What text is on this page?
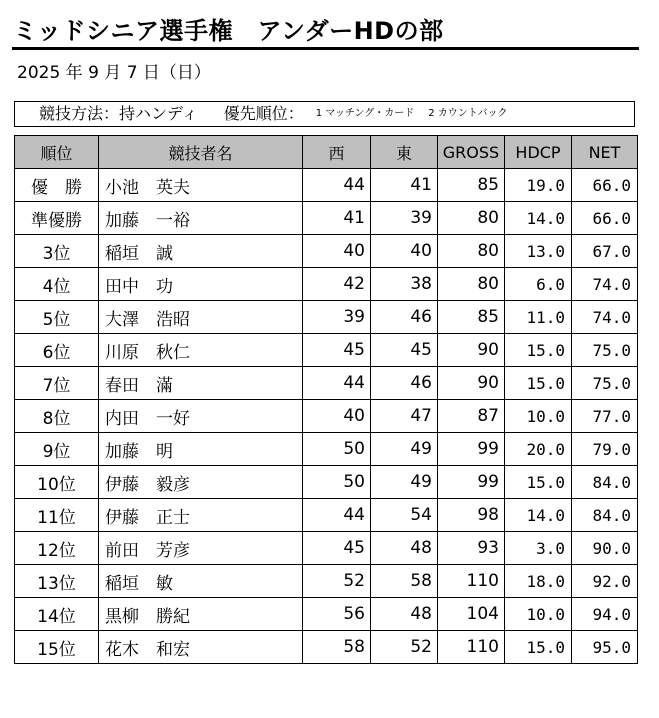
ミッドシニア選手権　アンダーHDの部
2025 年 9 月 7 日（日）
競技方法：持ハンディ 優先順位： 1 マッチング・カード 2 カウントバック
順位	競技者名	西	東	GROSS	HDCP	NET
優　勝	小池　英夫	44	41	85	19.0	66.0
準優勝	加藤　一裕	41	39	80	14.0	66.0
3位	稲垣　誠	40	40	80	13.0	67.0
4位	田中　功	42	38	80	6.0	74.0
5位	大澤　浩昭	39	46	85	11.0	74.0
6位	川原　秋仁	45	45	90	15.0	75.0
7位	春田　滿	44	46	90	15.0	75.0
8位	内田　一好	40	47	87	10.0	77.0
9位	加藤　明	50	49	99	20.0	79.0
10位	伊藤　毅彦	50	49	99	15.0	84.0
11位	伊藤　正士	44	54	98	14.0	84.0
12位	前田　芳彦	45	48	93	3.0	90.0
13位	稲垣　敏	52	58	110	18.0	92.0
14位	黒柳　勝紀	56	48	104	10.0	94.0
15位	花木　和宏	58	52	110	15.0	95.0
